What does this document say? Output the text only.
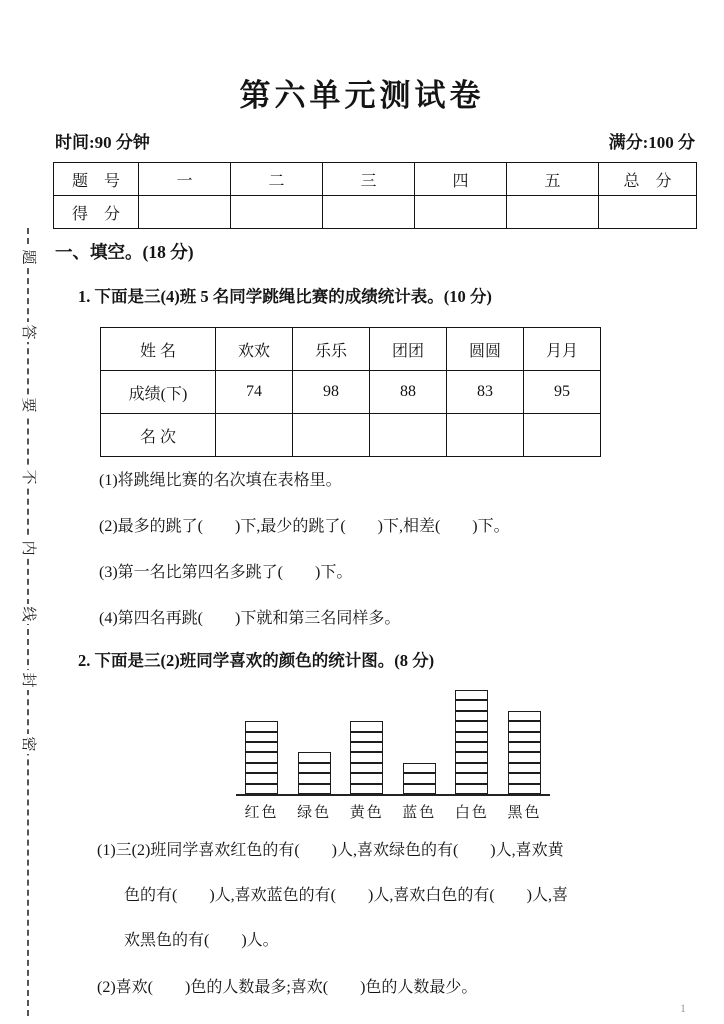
第六单元测试卷
时间:90 分钟	满分:100 分
题　号	一	二	三	四	五	总　分
得　分						
一、填空。(18 分)
1. 下面是三(4)班 5 名同学跳绳比赛的成绩统计表。(10 分)
姓 名	欢欢	乐乐	团团	圆圆	月月
成绩(下)	74	98	88	83	95
名 次					
(1)将跳绳比赛的名次填在表格里。
(2)最多的跳了(　　)下,最少的跳了(　　)下,相差(　　)下。
(3)第一名比第四名多跳了(　　)下。
(4)第四名再跳(　　)下就和第三名同样多。
2. 下面是三(2)班同学喜欢的颜色的统计图。(8 分)
红色 绿色 黄色 蓝色 白色 黑色
(1)三(2)班同学喜欢红色的有(　　)人,喜欢绿色的有(　　)人,喜欢黄
色的有(　　)人,喜欢蓝色的有(　　)人,喜欢白色的有(　　)人,喜
欢黑色的有(　　)人。
(2)喜欢(　　)色的人数最多;喜欢(　　)色的人数最少。
1
题
答
要
不
内
线
封
密
